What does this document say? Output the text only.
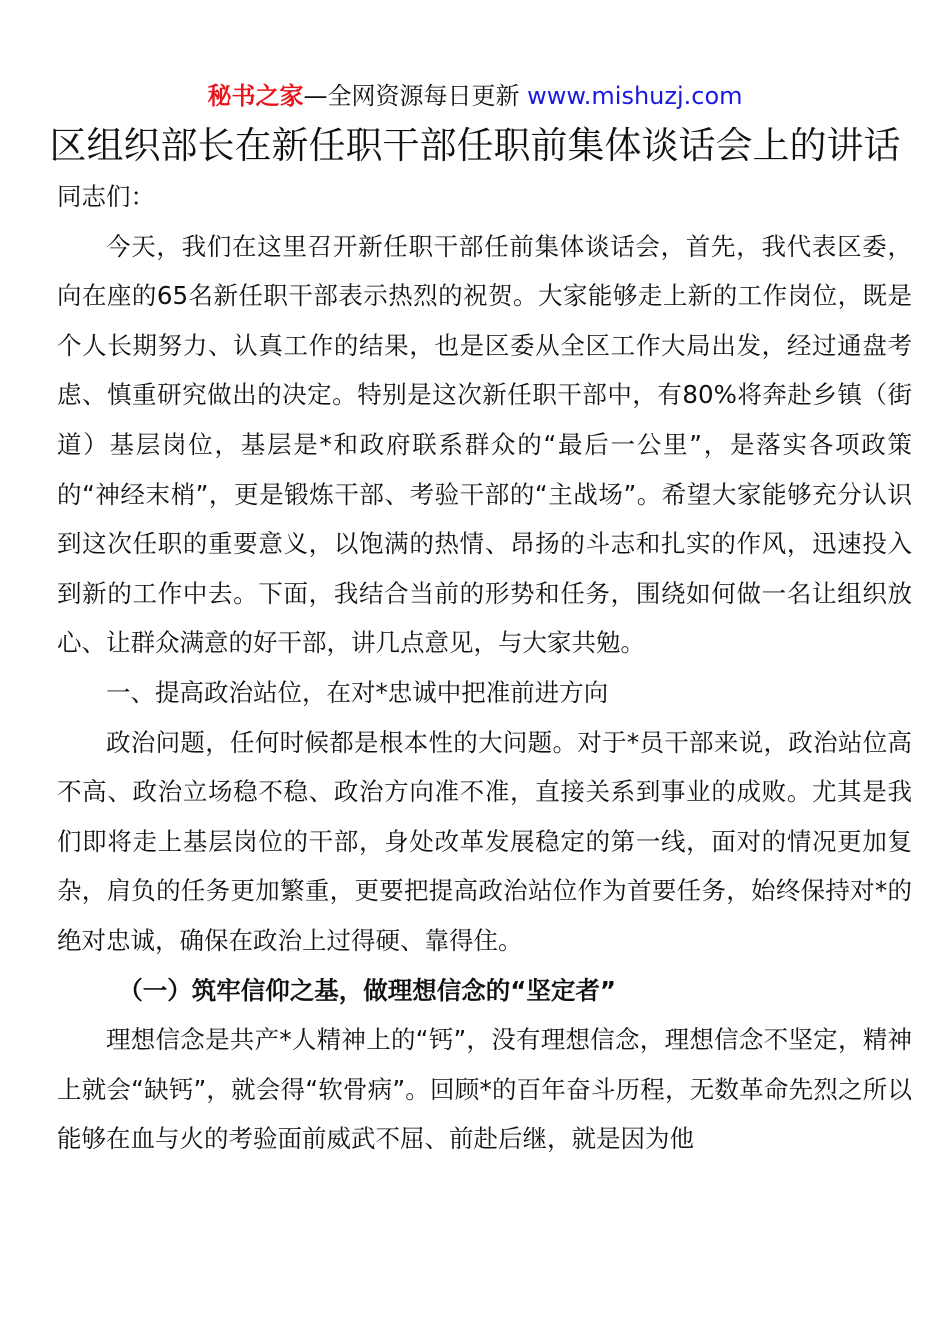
秘书之家—全网资源每日更新 www.mishuzj.com
区组织部长在新任职干部任职前集体谈话会上的讲话

同志们：

今天，我们在这里召开新任职干部任前集体谈话会，首先，我代表区委，向在座的65名新任职干部表示热烈的祝贺。大家能够走上新的工作岗位，既是个人长期努力、认真工作的结果，也是区委从全区工作大局出发，经过通盘考虑、慎重研究做出的决定。特别是这次新任职干部中，有80%将奔赴乡镇（街道）基层岗位，基层是*和政府联系群众的“最后一公里”，是落实各项政策的“神经末梢”，更是锻炼干部、考验干部的“主战场”。希望大家能够充分认识到这次任职的重要意义，以饱满的热情、昂扬的斗志和扎实的作风，迅速投入到新的工作中去。下面，我结合当前的形势和任务，围绕如何做一名让组织放心、让群众满意的好干部，讲几点意见，与大家共勉。

一、提高政治站位，在对*忠诚中把准前进方向

政治问题，任何时候都是根本性的大问题。对于*员干部来说，政治站位高不高、政治立场稳不稳、政治方向准不准，直接关系到事业的成败。尤其是我们即将走上基层岗位的干部，身处改革发展稳定的第一线，面对的情况更加复杂，肩负的任务更加繁重，更要把提高政治站位作为首要任务，始终保持对*的绝对忠诚，确保在政治上过得硬、靠得住。

（一）筑牢信仰之基，做理想信念的“坚定者”

理想信念是共产*人精神上的“钙”，没有理想信念，理想信念不坚定，精神上就会“缺钙”，就会得“软骨病”。回顾*的百年奋斗历程，无数革命先烈之所以能够在血与火的考验面前威武不屈、前赴后继，就是因为他
